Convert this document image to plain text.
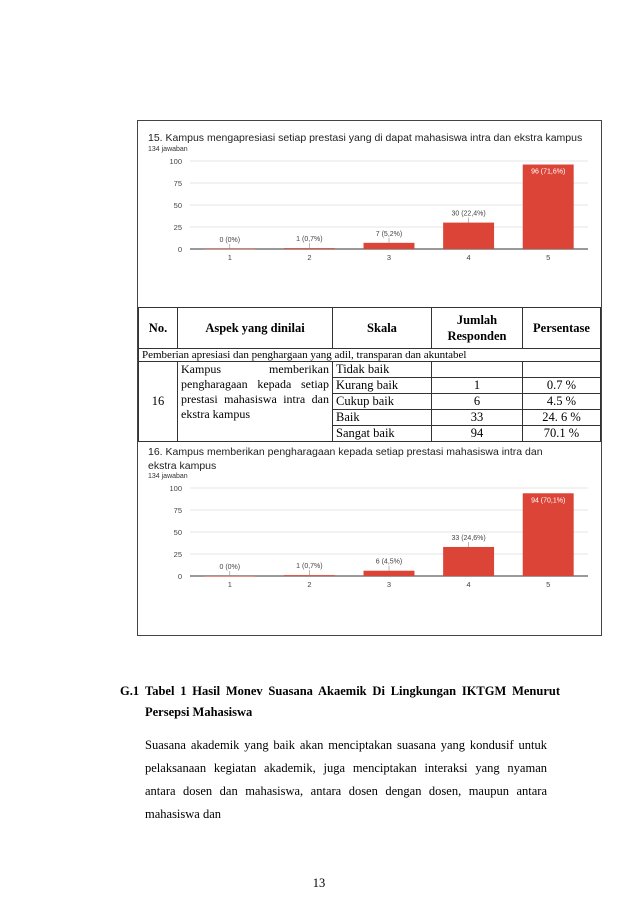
15. Kampus mengapresiasi setiap prestasi yang di dapat mahasiswa intra dan ekstra kampus
134 jawaban
0
25
50
75
100
1
0 (0%)
2
1 (0,7%)
3
7 (5,2%)
4
30 (22,4%)
5
96 (71,6%)
No.	Aspek yang dinilai	Skala	Jumlah Responden	Persentase
Pemberian apresiasi dan penghargaan yang adil, transparan dan akuntabel				
16	Kampus memberikan pengharagaan kepada setiap prestasi mahasiswa intra dan ekstra kampus	Tidak baik		
		Kurang baik	1	0.7 %
		Cukup baik	6	4.5 %
		Baik	33	24. 6 %
		Sangat baik	94	70.1 %
16. Kampus memberikan pengharagaan kepada setiap prestasi mahasiswa intra dan ekstra kampus
134 jawaban
0
25
50
75
100
1
0 (0%)
2
1 (0,7%)
3
6 (4,5%)
4
33 (24,6%)
5
94 (70,1%)
G.1 Tabel 1 Hasil Monev Suasana Akaemik Di Lingkungan IKTGM Menurut Persepsi Mahasiswa
Suasana akademik yang baik akan menciptakan suasana yang kondusif untuk pelaksanaan kegiatan akademik, juga menciptakan interaksi yang nyaman antara dosen dan mahasiswa, antara dosen dengan dosen, maupun antara mahasiswa dan
13
